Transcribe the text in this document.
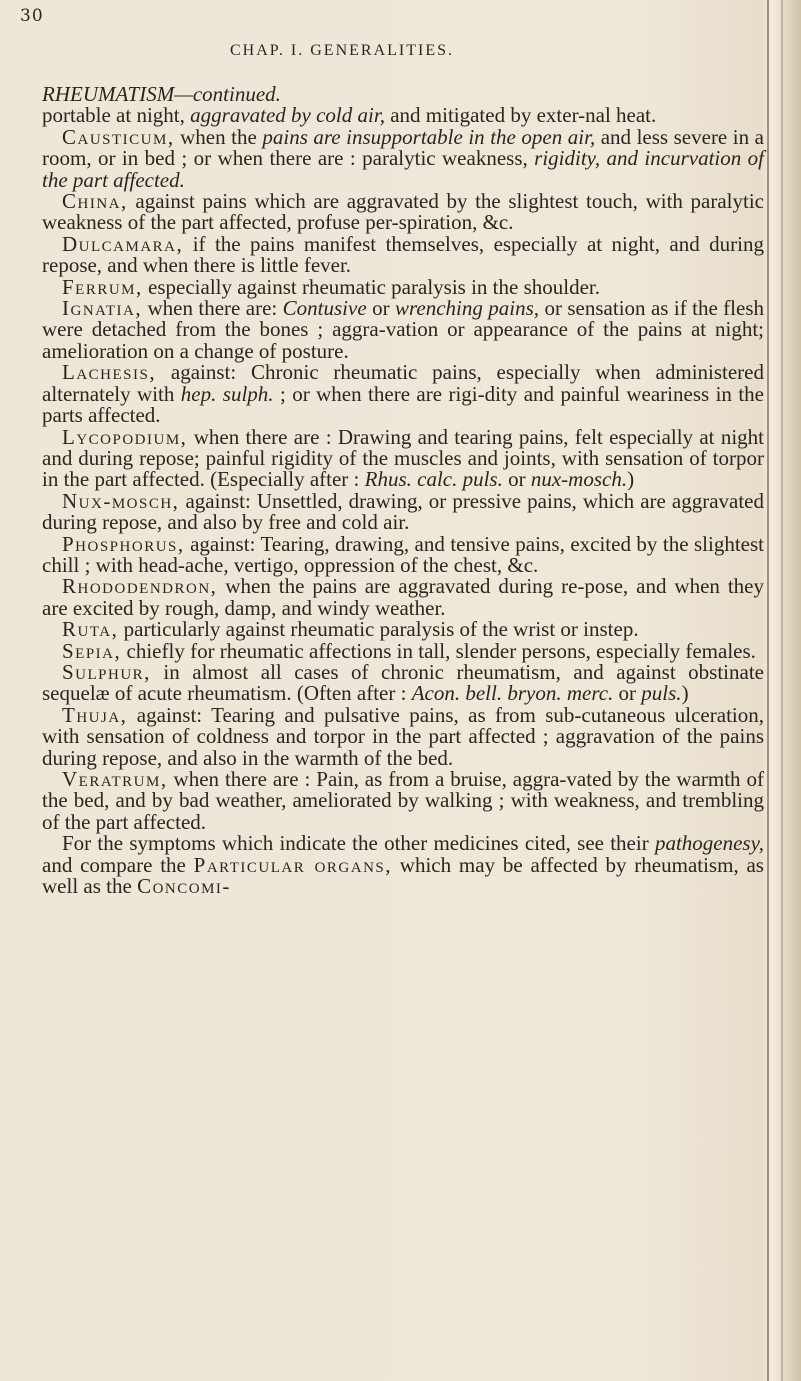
30
CHAP. I. GENERALITIES.

RHEUMATISM—continued.

portable at night, aggravated by cold air, and mitigated by exter-nal heat.

Causticum, when the pains are insupportable in the open air, and less severe in a room, or in bed ; or when there are : paralytic weakness, rigidity, and incurvation of the part affected.

China, against pains which are aggravated by the slightest touch, with paralytic weakness of the part affected, profuse per-spiration, &c.

Dulcamara, if the pains manifest themselves, especially at night, and during repose, and when there is little fever.

Ferrum, especially against rheumatic paralysis in the shoulder.

Ignatia, when there are: Contusive or wrenching pains, or sensation as if the flesh were detached from the bones ; aggra-vation or appearance of the pains at night; amelioration on a change of posture.

Lachesis, against: Chronic rheumatic pains, especially when administered alternately with hep. sulph. ; or when there are rigi-dity and painful weariness in the parts affected.

Lycopodium, when there are : Drawing and tearing pains, felt especially at night and during repose; painful rigidity of the muscles and joints, with sensation of torpor in the part affected. (Especially after : Rhus. calc. puls. or nux-mosch.)

Nux-mosch, against: Unsettled, drawing, or pressive pains, which are aggravated during repose, and also by free and cold air.

Phosphorus, against: Tearing, drawing, and tensive pains, excited by the slightest chill ; with head-ache, vertigo, oppression of the chest, &c.

Rhododendron, when the pains are aggravated during re-pose, and when they are excited by rough, damp, and windy weather.

Ruta, particularly against rheumatic paralysis of the wrist or instep.

Sepia, chiefly for rheumatic affections in tall, slender persons, especially females.

Sulphur, in almost all cases of chronic rheumatism, and against obstinate sequelæ of acute rheumatism. (Often after : Acon. bell. bryon. merc. or puls.)

Thuja, against: Tearing and pulsative pains, as from sub-cutaneous ulceration, with sensation of coldness and torpor in the part affected ; aggravation of the pains during repose, and also in the warmth of the bed.

Veratrum, when there are : Pain, as from a bruise, aggra-vated by the warmth of the bed, and by bad weather, ameliorated by walking ; with weakness, and trembling of the part affected.

For the symptoms which indicate the other medicines cited, see their pathogenesy, and compare the Particular organs, which may be affected by rheumatism, as well as the Concomi-
